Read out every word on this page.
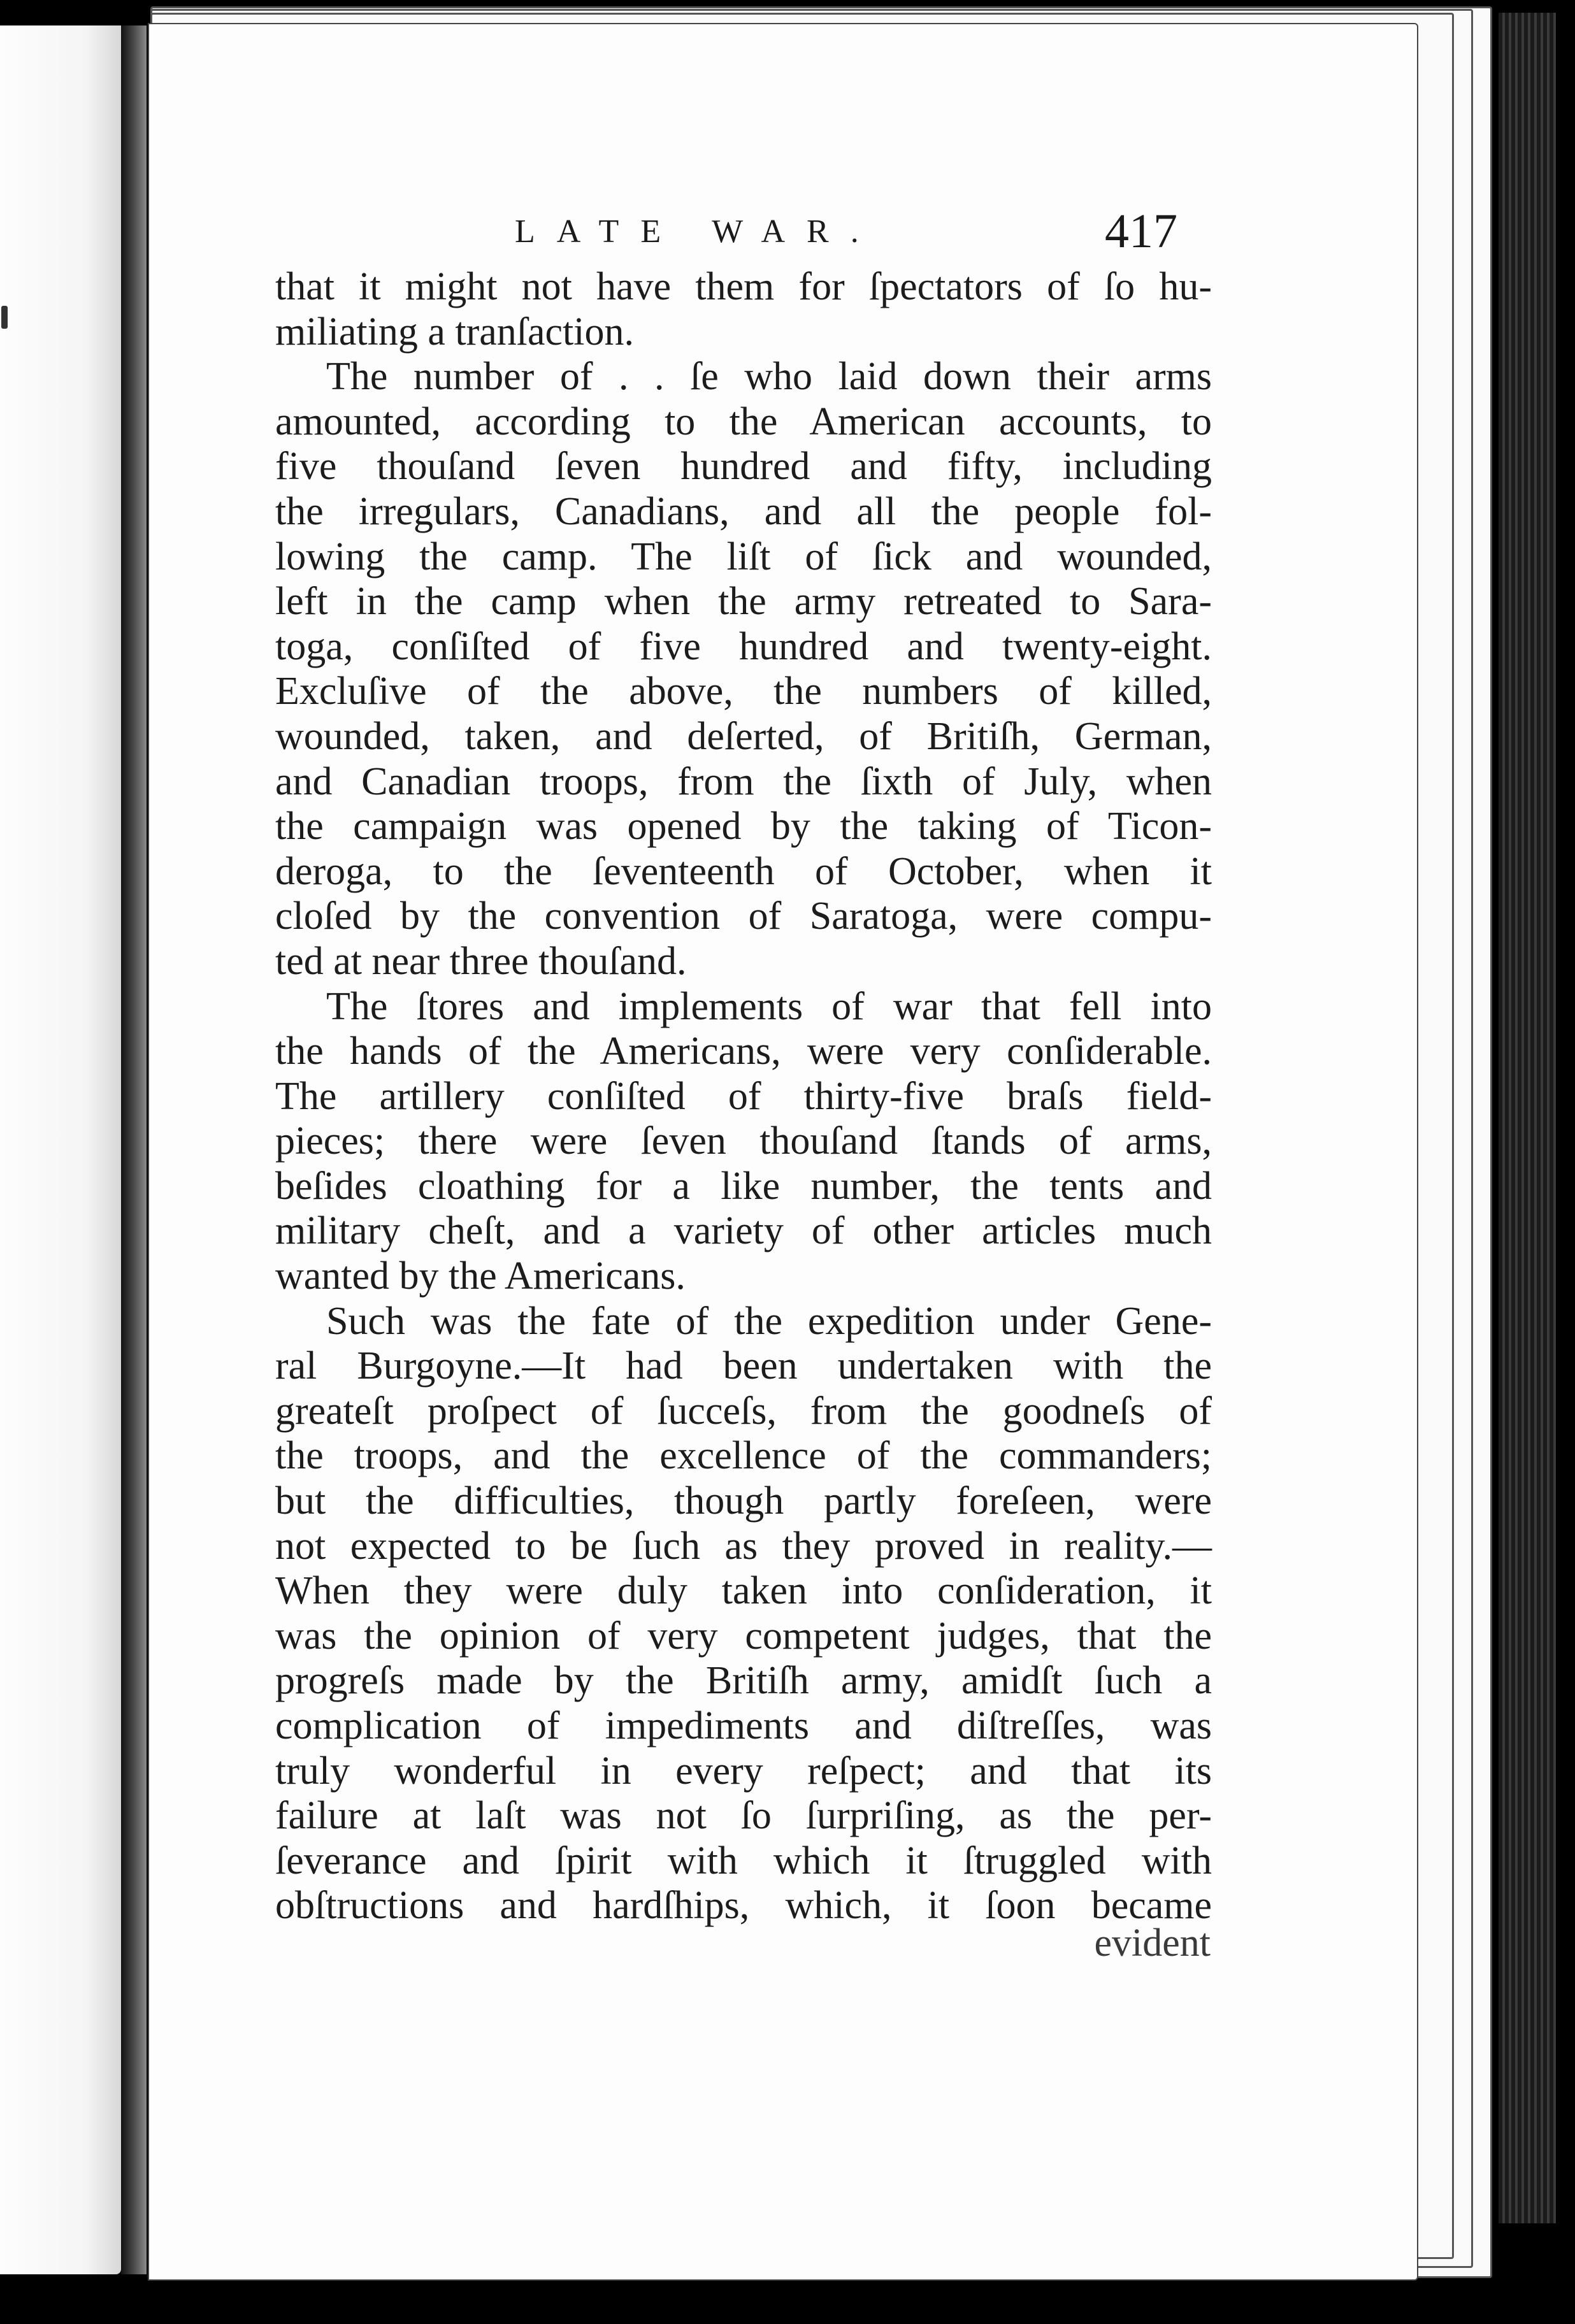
LATE WAR.	417
that it might not have them for ſpectators of ſo hu-
miliating a tranſaction.
The number of . . ſe who laid down their arms
amounted, according to the American accounts, to
five thouſand ſeven hundred and fifty, including
the irregulars, Canadians, and all the people fol-
lowing the camp. The liſt of ſick and wounded,
left in the camp when the army retreated to Sara-
toga, conſiſted of five hundred and twenty-eight.
Excluſive of the above, the numbers of killed,
wounded, taken, and deſerted, of Britiſh, German,
and Canadian troops, from the ſixth of July, when
the campaign was opened by the taking of Ticon-
deroga, to the ſeventeenth of October, when it
cloſed by the convention of Saratoga, were compu-
ted at near three thouſand.
The ſtores and implements of war that fell into
the hands of the Americans, were very conſiderable.
The artillery conſiſted of thirty-five braſs field-
pieces; there were ſeven thouſand ſtands of arms,
beſides cloathing for a like number, the tents and
military cheſt, and a variety of other articles much
wanted by the Americans.
Such was the fate of the expedition under Gene-
ral Burgoyne.—It had been undertaken with the
greateſt proſpect of ſucceſs, from the goodneſs of
the troops, and the excellence of the commanders;
but the difficulties, though partly foreſeen, were
not expected to be ſuch as they proved in reality.—
When they were duly taken into conſideration, it
was the opinion of very competent judges, that the
progreſs made by the Britiſh army, amidſt ſuch a
complication of impediments and diſtreſſes, was
truly wonderful in every reſpect; and that its
failure at laſt was not ſo ſurpriſing, as the per-
ſeverance and ſpirit with which it ſtruggled with
obſtructions and hardſhips, which, it ſoon became
evident
